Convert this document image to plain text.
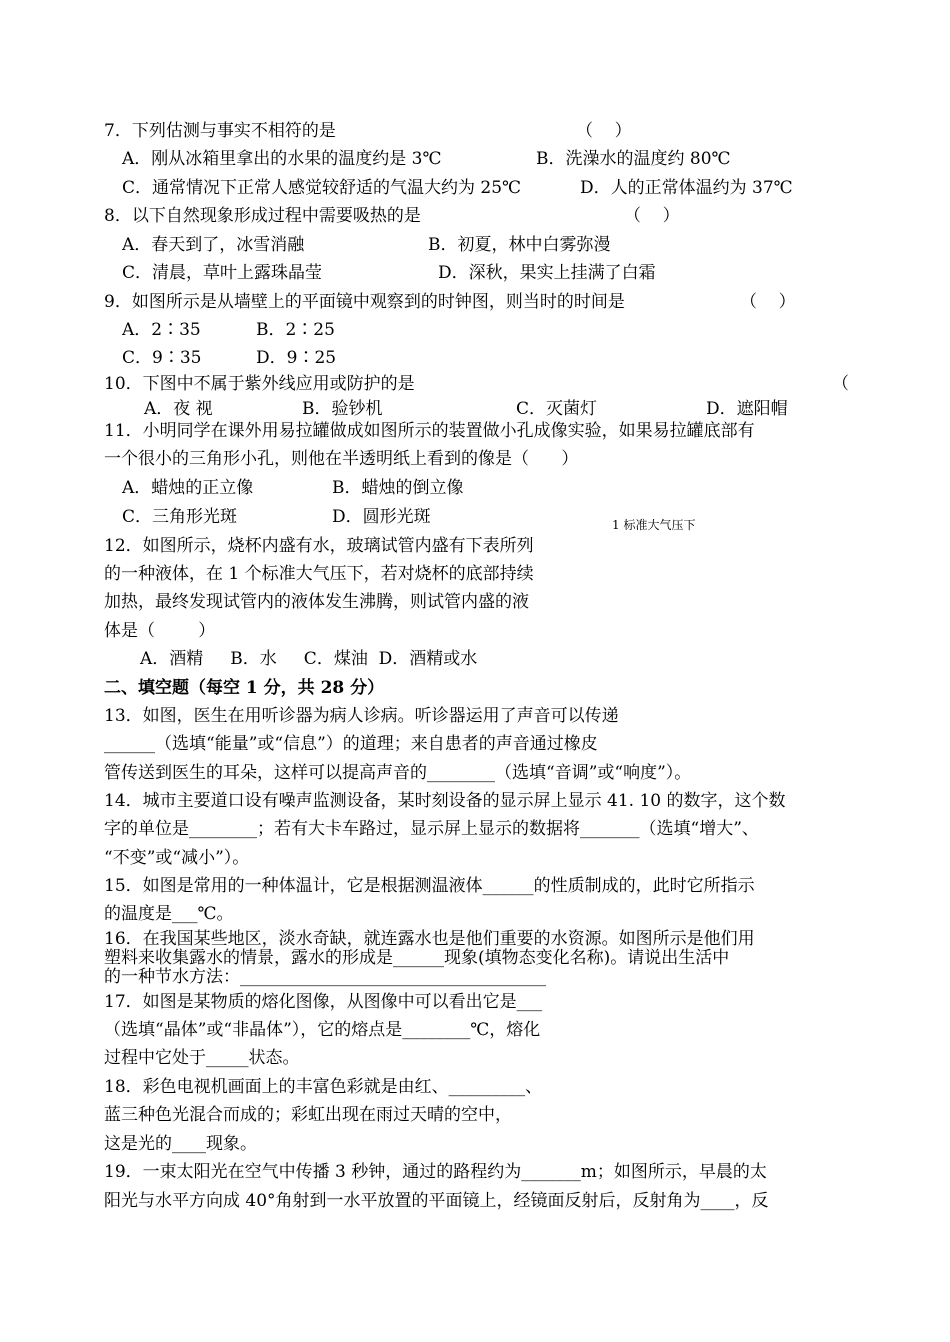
7．下列估测与事实不相符的是	（    ）
A．刚从冰箱里拿出的水果的温度约是 3℃	B．洗澡水的温度约 80℃
C．通常情况下正常人感觉较舒适的气温大约为 25℃	D．人的正常体温约为 37℃
8．以下自然现象形成过程中需要吸热的是	（    ）
A．春天到了，冰雪消融	B．初夏，林中白雾弥漫
C．清晨，草叶上露珠晶莹	D．深秋，果实上挂满了白霜
9．如图所示是从墙壁上的平面镜中观察到的时钟图，则当时的时间是	（    ）
A．2∶35	B．2∶25
C．9∶35	D．9∶25
10．下图中不属于紫外线应用或防护的是	（
A．夜 视	B．验钞机	C．灭菌灯	D．遮阳帽
11．小明同学在课外用易拉罐做成如图所示的装置做小孔成像实验，如果易拉罐底部有
一个很小的三角形小孔，则他在半透明纸上看到的像是（      ）
A．蜡烛的正立像	B．蜡烛的倒立像
C．三角形光斑	D．圆形光斑	1 标准大气压下
12．如图所示，烧杯内盛有水，玻璃试管内盛有下表所列
的一种液体，在 1 个标准大气压下，若对烧杯的底部持续
加热，最终发现试管内的液体发生沸腾，则试管内盛的液
体是（        ）
A．酒精     B．水     C．煤油  D．酒精或水
二、填空题（每空 1 分，共 28 分）
13．如图，医生在用听诊器为病人诊病。听诊器运用了声音可以传递
______（选填“能量”或“信息”）的道理；来自患者的声音通过橡皮
管传送到医生的耳朵，这样可以提高声音的________（选填“音调”或“响度”）。
14．城市主要道口设有噪声监测设备，某时刻设备的显示屏上显示 41. 10 的数字，这个数
字的单位是________；若有大卡车路过，显示屏上显示的数据将_______（选填“增大”、
“不变”或“减小”）。
15．如图是常用的一种体温计，它是根据测温液体______的性质制成的，此时它所指示
的温度是___℃。
16．在我国某些地区，淡水奇缺，就连露水也是他们重要的水资源。如图所示是他们用
塑料来收集露水的情景，露水的形成是______现象(填物态变化名称)。请说出生活中
的一种节水方法：____________________________________
17．如图是某物质的熔化图像，从图像中可以看出它是___
（选填“晶体”或“非晶体”），它的熔点是________℃，熔化
过程中它处于_____状态。
18．彩色电视机画面上的丰富色彩就是由红、_________、
蓝三种色光混合而成的；彩虹出现在雨过天晴的空中，
这是光的____现象。
19．一束太阳光在空气中传播 3 秒钟，通过的路程约为_______m；如图所示，早晨的太
阳光与水平方向成 40°角射到一水平放置的平面镜上，经镜面反射后，反射角为____，反
